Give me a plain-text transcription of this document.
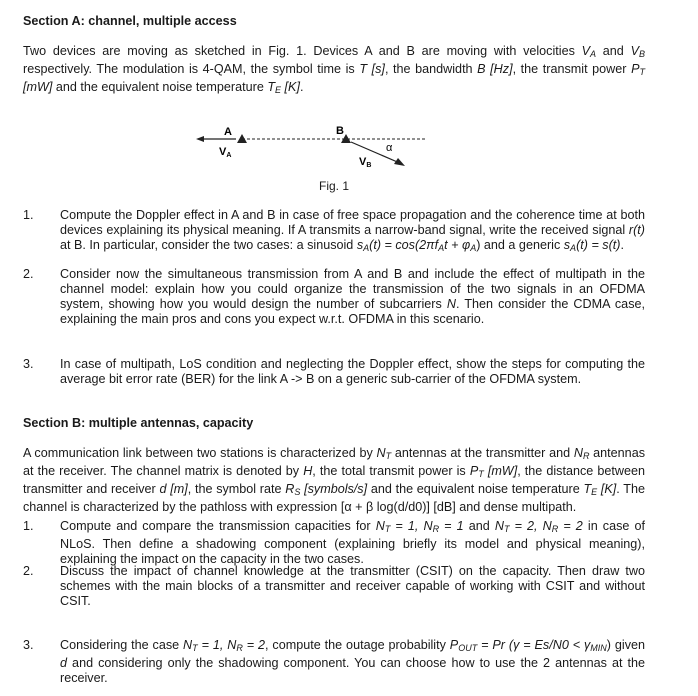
Section A: channel, multiple access
Two devices are moving as sketched in Fig. 1. Devices A and B are moving with velocities $V_A$ and $V_B$ respectively. The modulation is 4-QAM, the symbol time is T [s], the bandwidth B [Hz], the transmit power $P_T$ [mW] and the equivalent noise temperature $T_E$ [K].
A
VA
B
VB
α
Fig. 1
1.	Compute the Doppler effect in A and B in case of free space propagation and the coherence time at both devices explaining its physical meaning. If A transmits a narrow-band signal, write the received signal r(t) at B. In particular, consider the two cases: a sinusoid $s_A(t) = \cos(2\pi f_At + \varphi_A)$ and a generic $s_A(t) = s(t)$.
2.	Consider now the simultaneous transmission from A and B and include the effect of multipath in the channel model: explain how you could organize the transmission of the two signals in an OFDMA system, showing how you would design the number of subcarriers N. Then consider the CDMA case, explaining the main pros and cons you expect w.r.t. OFDMA in this scenario.
3.	In case of multipath, LoS condition and neglecting the Doppler effect, show the steps for computing the average bit error rate (BER) for the link A -> B on a generic sub-carrier of the OFDMA system.
Section B: multiple antennas, capacity
A communication link between two stations is characterized by $N_T$ antennas at the transmitter and $N_R$ antennas at the receiver. The channel matrix is denoted by H, the total transmit power is $P_T$ [mW], the distance between transmitter and receiver d [m], the symbol rate $R_S$ [symbols/s] and the equivalent noise temperature $T_E$ [K]. The channel is characterized by the pathloss with expression [α + β log(d/d0)] [dB] and dense multipath.
1.	Compute and compare the transmission capacities for $N_T = 1$, $N_R = 1$ and $N_T = 2$, $N_R = 2$ in case of NLoS. Then define a shadowing component (explaining briefly its model and physical meaning), explaining the impact on the capacity in the two cases.
2.	Discuss the impact of channel knowledge at the transmitter (CSIT) on the capacity. Then draw two schemes with the main blocks of a transmitter and receiver capable of working with CSIT and without CSIT.
3.	Considering the case $N_T = 1$, $N_R = 2$, compute the outage probability $P_{OUT} = Pr$ $(\gamma = Es/N0 < \gamma_{MIN})$ given d and considering only the shadowing component. You can choose how to use the 2 antennas at the receiver.
